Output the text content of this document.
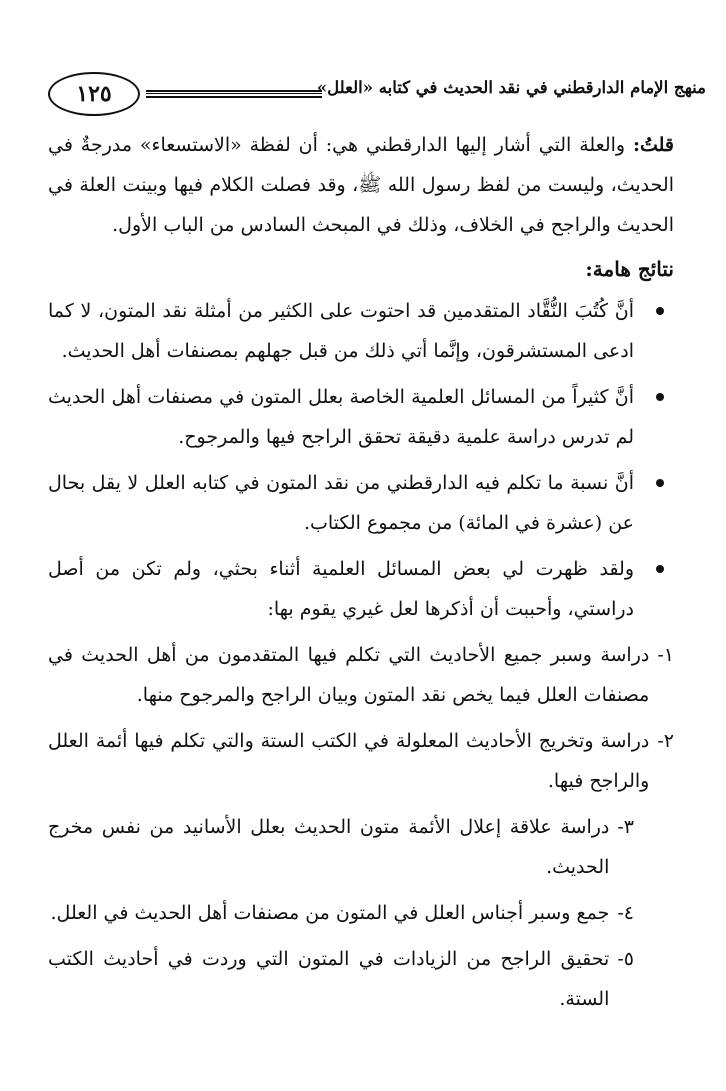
١٢٥	منهج الإمام الدارقطني في نقد الحديث في كتابه «العلل»

قلتُ: والعلة التي أشار إليها الدارقطني هي: أن لفظة «الاستسعاء» مدرجةٌ في الحديث، وليست من لفظ رسول الله ﷺ، وقد فصلت الكلام فيها وبينت العلة في الحديث والراجح في الخلاف، وذلك في المبحث السادس من الباب الأول.

نتائج هامة:
أنَّ كُتُبَ النُّقَّاد المتقدمين قد احتوت على الكثير من أمثلة نقد المتون، لا كما ادعى المستشرقون، وإنَّما أتي ذلك من قبل جهلهم بمصنفات أهل الحديث.
أنَّ كثيراً من المسائل العلمية الخاصة بعلل المتون في مصنفات أهل الحديث لم تدرس دراسة علمية دقيقة تحقق الراجح فيها والمرجوح.
أنَّ نسبة ما تكلم فيه الدارقطني من نقد المتون في كتابه العلل لا يقل بحال عن (عشرة في المائة) من مجموع الكتاب.
ولقد ظهرت لي بعض المسائل العلمية أثناء بحثي، ولم تكن من أصل دراستي، وأحببت أن أذكرها لعل غيري يقوم بها:
١-
دراسة وسبر جميع الأحاديث التي تكلم فيها المتقدمون من أهل الحديث في مصنفات العلل فيما يخص نقد المتون وبيان الراجح والمرجوح منها.
٢-
دراسة وتخريج الأحاديث المعلولة في الكتب الستة والتي تكلم فيها أئمة العلل والراجح فيها.
٣-
دراسة علاقة إعلال الأئمة متون الحديث بعلل الأسانيد من نفس مخرج الحديث.
٤-
جمع وسبر أجناس العلل في المتون من مصنفات أهل الحديث في العلل.
٥-
تحقيق الراجح من الزيادات في المتون التي وردت في أحاديث الكتب الستة.
